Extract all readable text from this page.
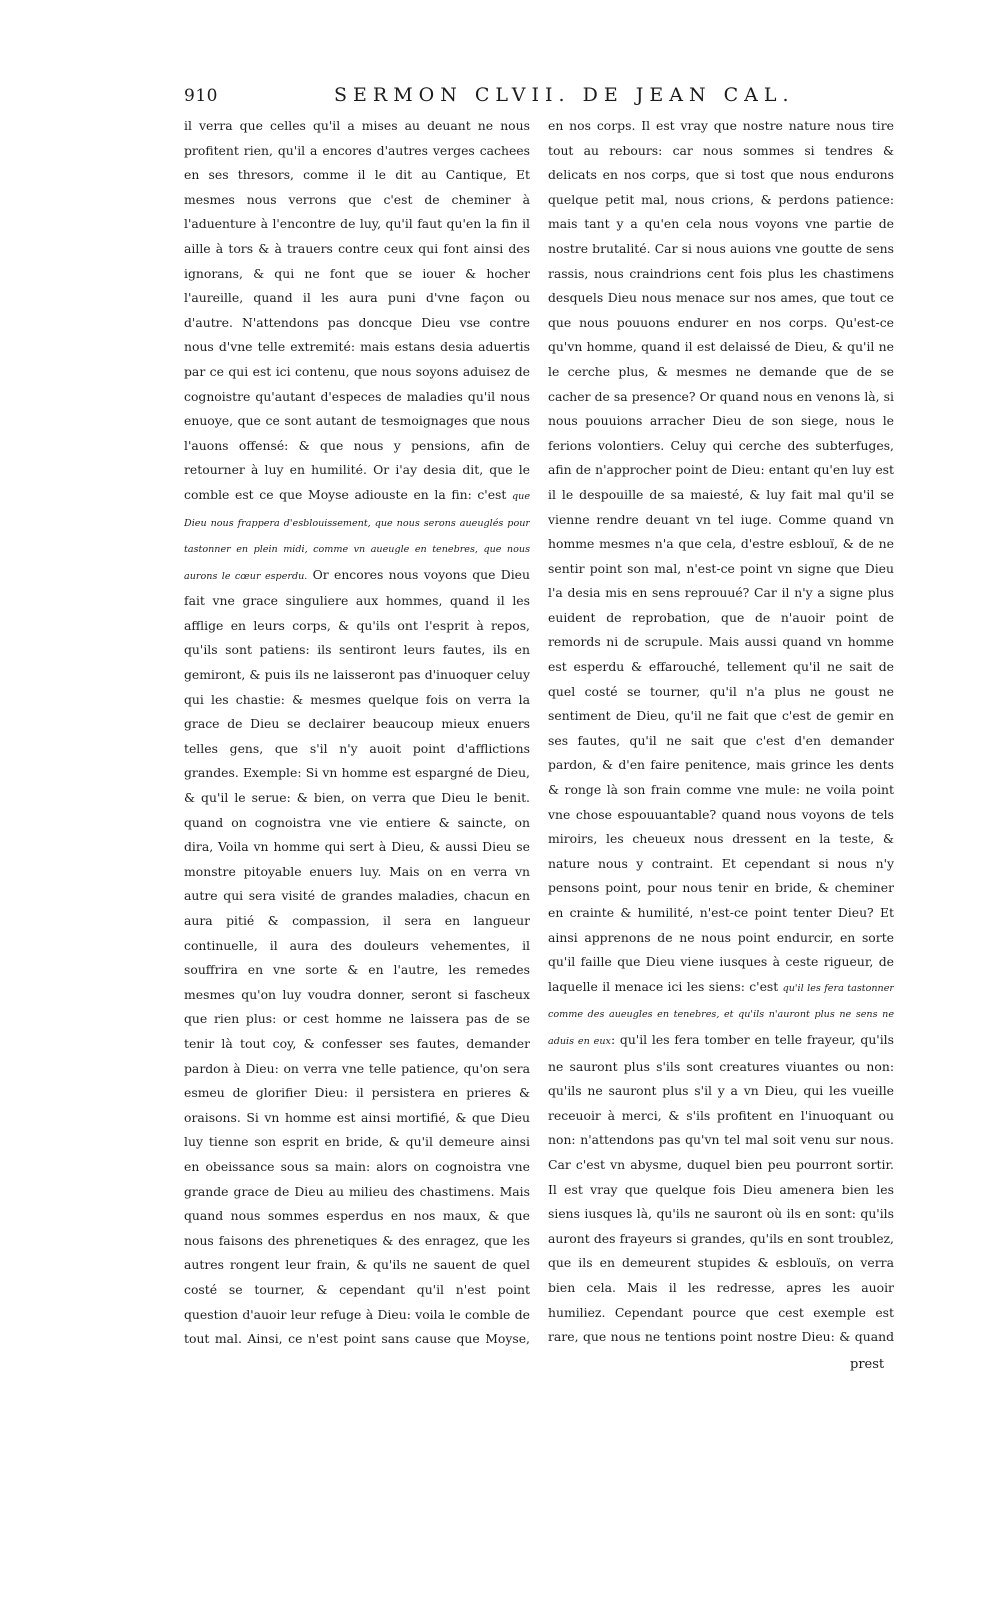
910	SERMON CLVII. DE JEAN CAL.

il verra que celles qu'il a mises au deuant ne nous profitent rien, qu'il a encores d'autres verges cachees en ses thresors, comme il le dit au Cantique, Et mesmes nous verrons que c'est de cheminer à l'aduenture à l'encontre de luy, qu'il faut qu'en la fin il aille à tors & à trauers contre ceux qui font ainsi des ignorans, & qui ne font que se iouer & hocher l'aureille, quand il les aura puni d'vne façon ou d'autre. N'attendons pas doncque Dieu vse contre nous d'vne telle extremité: mais estans desia aduertis par ce qui est ici contenu, que nous soyons aduisez de cognoistre qu'autant d'especes de maladies qu'il nous enuoye, que ce sont autant de tesmoignages que nous l'auons offensé: & que nous y pensions, afin de retourner à luy en humilité. Or i'ay desia dit, que le comble est ce que Moyse adiouste en la fin: c'est que Dieu nous frappera d'esblouissement, que nous serons aueuglés pour tastonner en plein midi, comme vn aueugle en tenebres, que nous aurons le cœur esperdu. Or encores nous voyons que Dieu fait vne grace singuliere aux hommes, quand il les afflige en leurs corps, & qu'ils ont l'esprit à repos, qu'ils sont patiens: ils sentiront leurs fautes, ils en gemiront, & puis ils ne laisseront pas d'inuoquer celuy qui les chastie: & mesmes quelque fois on verra la grace de Dieu se declairer beaucoup mieux enuers telles gens, que s'il n'y auoit point d'afflictions grandes. Exemple: Si vn homme est espargné de Dieu, & qu'il le serue: & bien, on verra que Dieu le benit. quand on cognoistra vne vie entiere & saincte, on dira, Voila vn homme qui sert à Dieu, & aussi Dieu se monstre pitoyable enuers luy. Mais on en verra vn autre qui sera visité de grandes maladies, chacun en aura pitié & compassion, il sera en langueur continuelle, il aura des douleurs vehementes, il souffrira en vne sorte & en l'autre, les remedes mesmes qu'on luy voudra donner, seront si fascheux que rien plus: or cest homme ne laissera pas de se tenir là tout coy, & confesser ses fautes, demander pardon à Dieu: on verra vne telle patience, qu'on sera esmeu de glorifier Dieu: il persistera en prieres & oraisons. Si vn homme est ainsi mortifié, & que Dieu luy tienne son esprit en bride, & qu'il demeure ainsi en obeissance sous sa main: alors on cognoistra vne grande grace de Dieu au milieu des chastimens. Mais quand nous sommes esperdus en nos maux, & que nous faisons des phrenetiques & des enragez, que les autres rongent leur frain, & qu'ils ne sauent de quel costé se tourner, & cependant qu'il n'est point question d'auoir leur refuge à Dieu: voila le comble de tout mal. Ainsi, ce n'est point sans cause que Moyse,

en nos corps. Il est vray que nostre nature nous tire tout au rebours: car nous sommes si tendres & delicats en nos corps, que si tost que nous endurons quelque petit mal, nous crions, & perdons patience: mais tant y a qu'en cela nous voyons vne partie de nostre brutalité. Car si nous auions vne goutte de sens rassis, nous craindrions cent fois plus les chastimens desquels Dieu nous menace sur nos ames, que tout ce que nous pouuons endurer en nos corps. Qu'est-ce qu'vn homme, quand il est delaissé de Dieu, & qu'il ne le cerche plus, & mesmes ne demande que de se cacher de sa presence? Or quand nous en venons là, si nous pouuions arracher Dieu de son siege, nous le ferions volontiers. Celuy qui cerche des subterfuges, afin de n'approcher point de Dieu: entant qu'en luy est il le despouille de sa maiesté, & luy fait mal qu'il se vienne rendre deuant vn tel iuge. Comme quand vn homme mesmes n'a que cela, d'estre esblouï, & de ne sentir point son mal, n'est-ce point vn signe que Dieu l'a desia mis en sens reprouué? Car il n'y a signe plus euident de reprobation, que de n'auoir point de remords ni de scrupule. Mais aussi quand vn homme est esperdu & effarouché, tellement qu'il ne sait de quel costé se tourner, qu'il n'a plus ne goust ne sentiment de Dieu, qu'il ne fait que c'est de gemir en ses fautes, qu'il ne sait que c'est d'en demander pardon, & d'en faire penitence, mais grince les dents & ronge là son frain comme vne mule: ne voila point vne chose espouuantable? quand nous voyons de tels miroirs, les cheueux nous dressent en la teste, & nature nous y contraint. Et cependant si nous n'y pensons point, pour nous tenir en bride, & cheminer en crainte & humilité, n'est-ce point tenter Dieu? Et ainsi apprenons de ne nous point endurcir, en sorte qu'il faille que Dieu viene iusques à ceste rigueur, de laquelle il menace ici les siens: c'est qu'il les fera tastonner comme des aueugles en tenebres, et qu'ils n'auront plus ne sens ne aduis en eux: qu'il les fera tomber en telle frayeur, qu'ils ne sauront plus s'ils sont creatures viuantes ou non: qu'ils ne sauront plus s'il y a vn Dieu, qui les vueille receuoir à merci, & s'ils profitent en l'inuoquant ou non: n'attendons pas qu'vn tel mal soit venu sur nous. Car c'est vn abysme, duquel bien peu pourront sortir. Il est vray que quelque fois Dieu amenera bien les siens iusques là, qu'ils ne sauront où ils en sont: qu'ils auront des frayeurs si grandes, qu'ils en sont troublez, que ils en demeurent stupides & esblouïs, on verra bien cela. Mais il les redresse, apres les auoir humiliez. Cependant pource que cest exemple est rare, que nous ne tentions point nostre Dieu: & quand

prest
